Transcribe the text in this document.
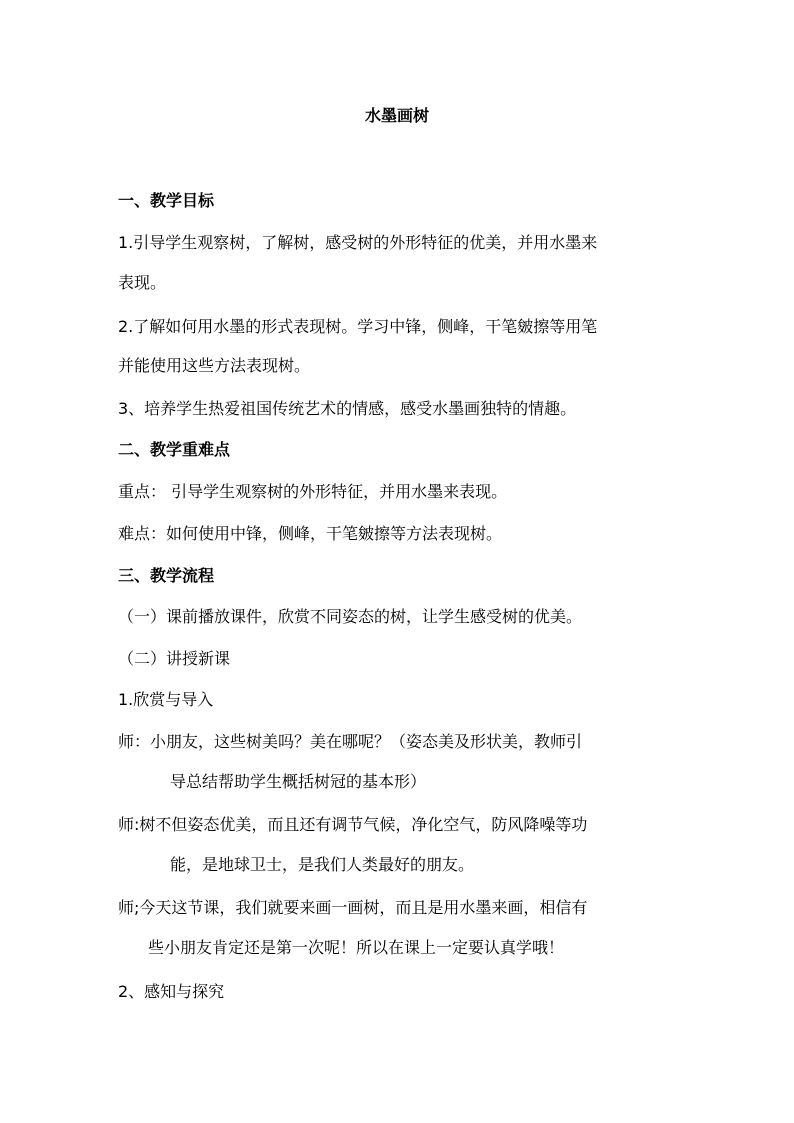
水墨画树
一、教学目标
1.引导学生观察树，了解树，感受树的外形特征的优美，并用水墨来
表现。
2.了解如何用水墨的形式表现树。学习中锋，侧峰，干笔皴擦等用笔
并能使用这些方法表现树。
3、培养学生热爱祖国传统艺术的情感，感受水墨画独特的情趣。
二、教学重难点
重点： 引导学生观察树的外形特征，并用水墨来表现。
难点：如何使用中锋，侧峰，干笔皴擦等方法表现树。
三、教学流程
（一）课前播放课件，欣赏不同姿态的树，让学生感受树的优美。
（二）讲授新课
1.欣赏与导入
师：小朋友，这些树美吗？美在哪呢？（姿态美及形状美，教师引
导总结帮助学生概括树冠的基本形）
师:树不但姿态优美，而且还有调节气候，净化空气，防风降噪等功
能，是地球卫士，是我们人类最好的朋友。
师;今天这节课，我们就要来画一画树，而且是用水墨来画，相信有
些小朋友肯定还是第一次呢！所以在课上一定要认真学哦！
2、感知与探究
